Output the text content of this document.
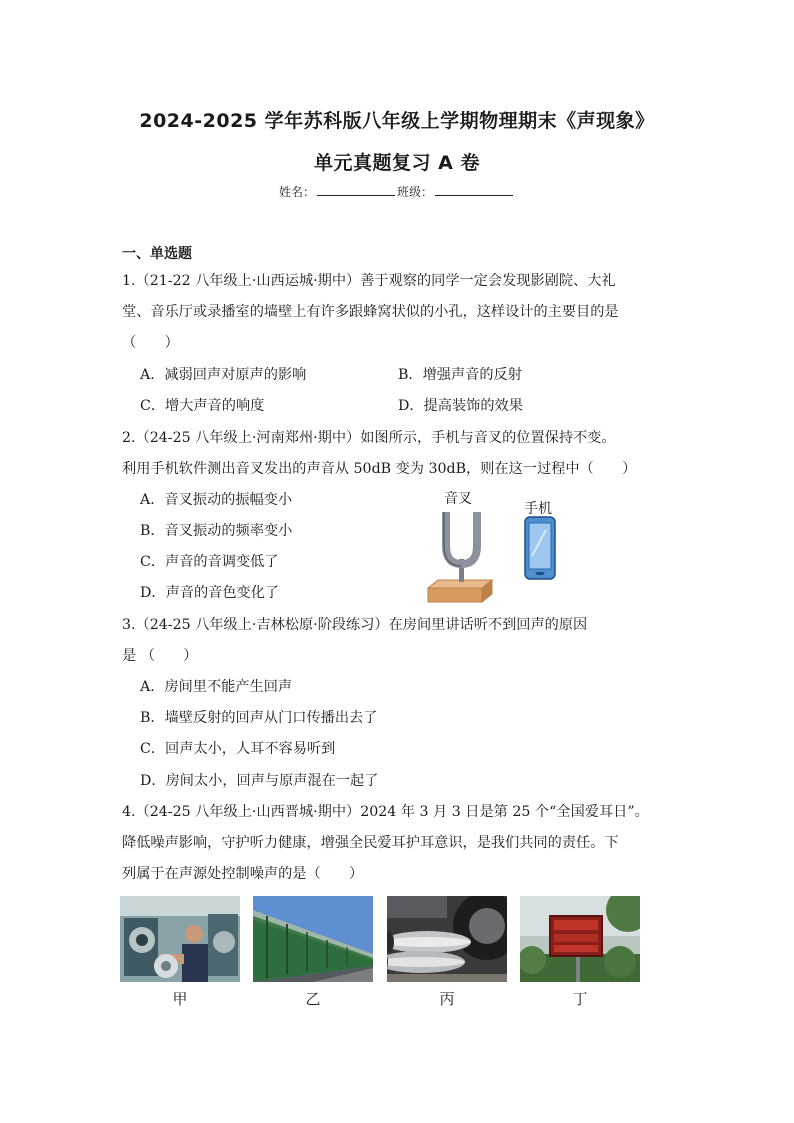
2024-2025 学年苏科版八年级上学期物理期末《声现象》
单元真题复习 A 卷
姓名：	班级：
一、单选题
1.（21-22 八年级上·山西运城·期中）善于观察的同学一定会发现影剧院、大礼
堂、音乐厅或录播室的墙壁上有许多跟蜂窝状似的小孔，这样设计的主要目的是
（　　）
A．减弱回声对原声的影响	B．增强声音的反射
C．增大声音的响度	D．提高装饰的效果
2.（24-25 八年级上·河南郑州·期中）如图所示，手机与音叉的位置保持不变。
利用手机软件测出音叉发出的声音从 50dB 变为 30dB，则在这一过程中（　　）
A．音叉振动的振幅变小
B．音叉振动的频率变小
C．声音的音调变低了
D．声音的音色变化了
音叉
手机
3.（24-25 八年级上·吉林松原·阶段练习）在房间里讲话听不到回声的原因
是 （　　）
A．房间里不能产生回声
B．墙壁反射的回声从门口传播出去了
C．回声太小，人耳不容易听到
D．房间太小，回声与原声混在一起了
4.（24-25 八年级上·山西晋城·期中）2024 年 3 月 3 日是第 25 个“全国爱耳日”。
降低噪声影响，守护听力健康，增强全民爱耳护耳意识，是我们共同的责任。下
列属于在声源处控制噪声的是（　　）
甲	乙	丙	丁
